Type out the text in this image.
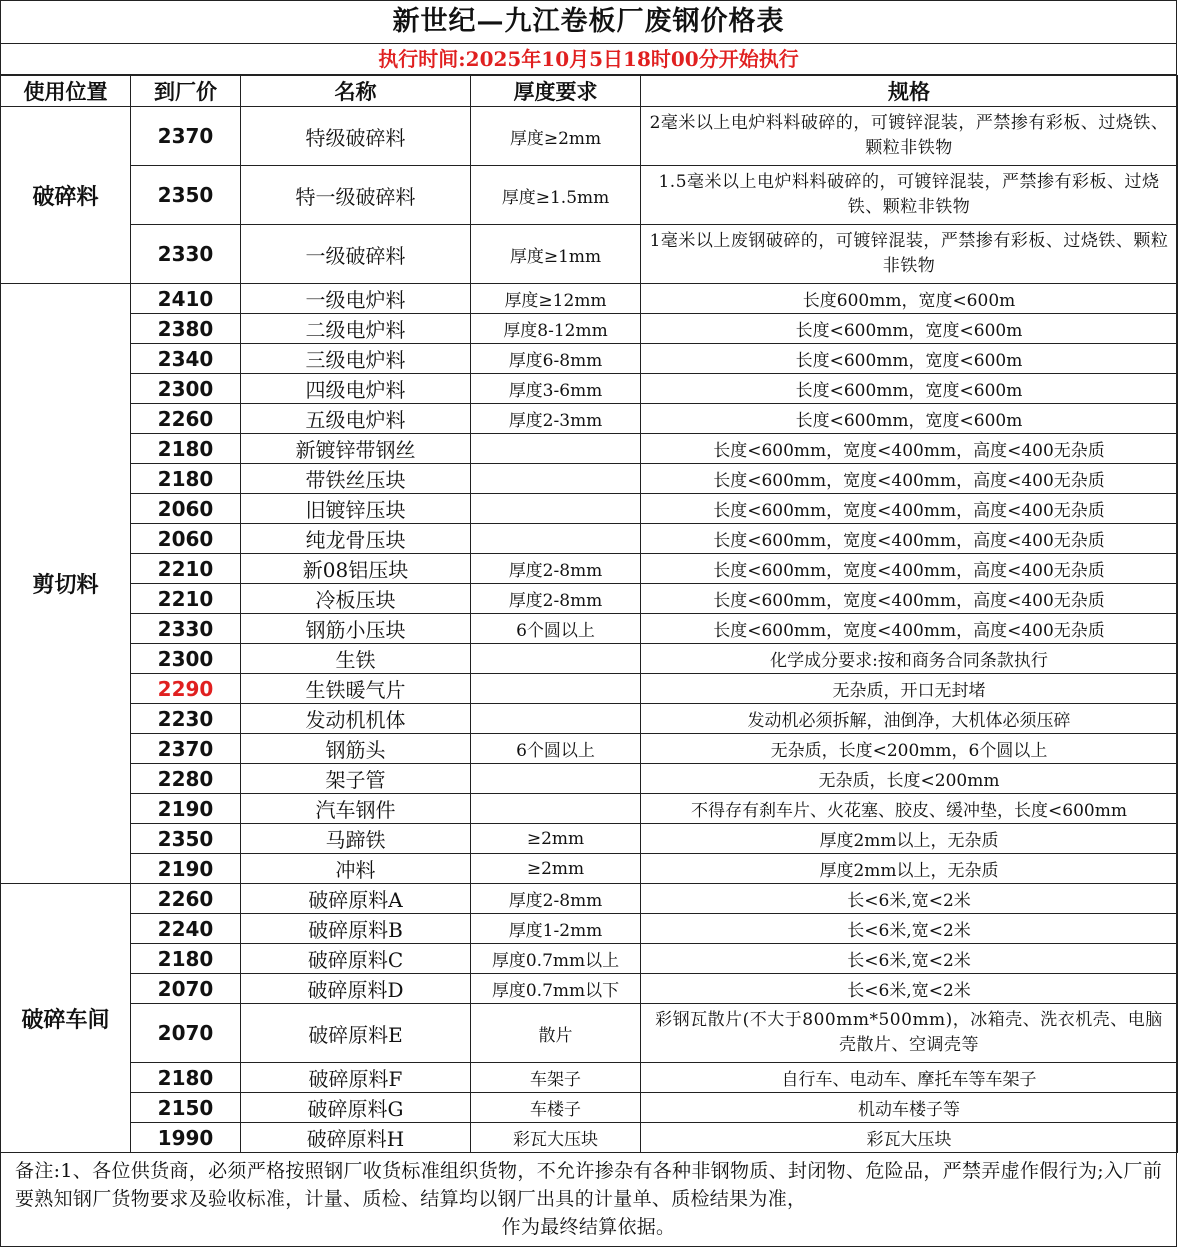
新世纪—九江卷板厂废钢价格表
执行时间:2025年10月5日18时00分开始执行
使用位置	到厂价	名称	厚度要求	规格
破碎料	2370	特级破碎料	厚度≥2mm	2毫米以上电炉料料破碎的，可镀锌混装，严禁掺有彩板、过烧铁、颗粒非铁物
	2350	特一级破碎料	厚度≥1.5mm	1.5毫米以上电炉料料破碎的，可镀锌混装，严禁掺有彩板、过烧铁、颗粒非铁物
	2330	一级破碎料	厚度≥1mm	1毫米以上废钢破碎的，可镀锌混装，严禁掺有彩板、过烧铁、颗粒非铁物
剪切料	2410	一级电炉料	厚度≥12mm	长度600mm，宽度<600m
	2380	二级电炉料	厚度8-12mm	长度<600mm，宽度<600m
	2340	三级电炉料	厚度6-8mm	长度<600mm，宽度<600m
	2300	四级电炉料	厚度3-6mm	长度<600mm，宽度<600m
	2260	五级电炉料	厚度2-3mm	长度<600mm，宽度<600m
	2180	新镀锌带钢丝		长度<600mm，宽度<400mm，高度<400无杂质
	2180	带铁丝压块		长度<600mm，宽度<400mm，高度<400无杂质
	2060	旧镀锌压块		长度<600mm，宽度<400mm，高度<400无杂质
	2060	纯龙骨压块		长度<600mm，宽度<400mm，高度<400无杂质
	2210	新08铝压块	厚度2-8mm	长度<600mm，宽度<400mm，高度<400无杂质
	2210	冷板压块	厚度2-8mm	长度<600mm，宽度<400mm，高度<400无杂质
	2330	钢筋小压块	6个圆以上	长度<600mm，宽度<400mm，高度<400无杂质
	2300	生铁		化学成分要求:按和商务合同条款执行
	2290	生铁暖气片		无杂质，开口无封堵
	2230	发动机机体		发动机必须拆解，油倒净，大机体必须压碎
	2370	钢筋头	6个圆以上	无杂质，长度<200mm，6个圆以上
	2280	架子管		无杂质，长度<200mm
	2190	汽车钢件		不得存有刹车片、火花塞、胶皮、缓冲垫，长度<600mm
	2350	马蹄铁	≥2mm	厚度2mm以上，无杂质
	2190	冲料	≥2mm	厚度2mm以上，无杂质
破碎车间	2260	破碎原料A	厚度2-8mm	长<6米,宽<2米
	2240	破碎原料B	厚度1-2mm	长<6米,宽<2米
	2180	破碎原料C	厚度0.7mm以上	长<6米,宽<2米
	2070	破碎原料D	厚度0.7mm以下	长<6米,宽<2米
	2070	破碎原料E	散片	彩钢瓦散片(不大于800mm*500mm)，冰箱壳、洗衣机壳、电脑壳散片、空调壳等
	2180	破碎原料F	车架子	自行车、电动车、摩托车等车架子
	2150	破碎原料G	车楼子	机动车楼子等
	1990	破碎原料H	彩瓦大压块	彩瓦大压块
备注:1、各位供货商，必须严格按照钢厂收货标准组织货物，不允许掺杂有各种非钢物质、封闭物、危险品，严禁弄虚作假行为;入厂前要熟知钢厂货物要求及验收标准，计量、质检、结算均以钢厂出具的计量单、质检结果为准，
作为最终结算依据。
